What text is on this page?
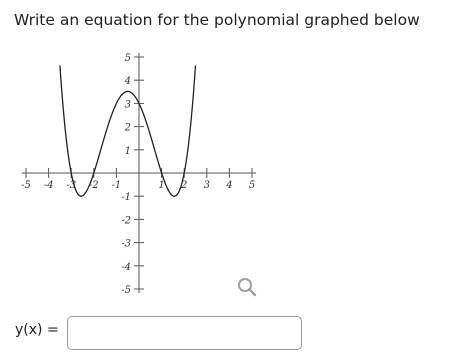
Write an equation for the polynomial graphed below
-5 -4 -3 -2 -1	1 2 3 4 5
5
4
3
2
1
-1
-2
-3
-4
-5
y(x) =
